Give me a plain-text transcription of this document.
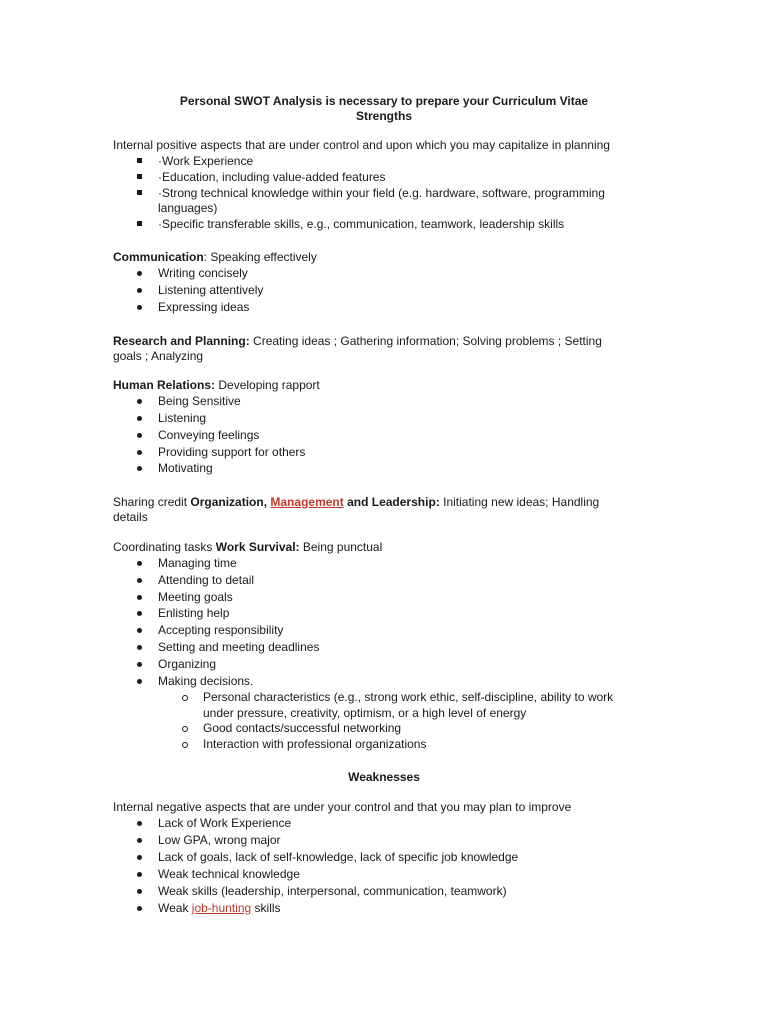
Personal SWOT Analysis is necessary to prepare your Curriculum Vitae
Strengths
Internal positive aspects that are under control and upon which you may capitalize in planning
·Work Experience
·Education, including value-added features
·Strong technical knowledge within your field (e.g. hardware, software, programming
languages)
·Specific transferable skills, e.g., communication, teamwork, leadership skills
Communication: Speaking effectively
Writing concisely
Listening attentively
Expressing ideas
Research and Planning: Creating ideas ; Gathering information; Solving problems ; Setting
goals ; Analyzing
Human Relations: Developing rapport
Being Sensitive
Listening
Conveying feelings
Providing support for others
Motivating
Sharing credit Organization, Management and Leadership: Initiating new ideas; Handling
details
Coordinating tasks Work Survival: Being punctual
Managing time
Attending to detail
Meeting goals
Enlisting help
Accepting responsibility
Setting and meeting deadlines
Organizing
Making decisions.
Personal characteristics (e.g., strong work ethic, self-discipline, ability to work
under pressure, creativity, optimism, or a high level of energy
Good contacts/successful networking
Interaction with professional organizations
Weaknesses
Internal negative aspects that are under your control and that you may plan to improve
Lack of Work Experience
Low GPA, wrong major
Lack of goals, lack of self-knowledge, lack of specific job knowledge
Weak technical knowledge
Weak skills (leadership, interpersonal, communication, teamwork)
Weak job-hunting skills
